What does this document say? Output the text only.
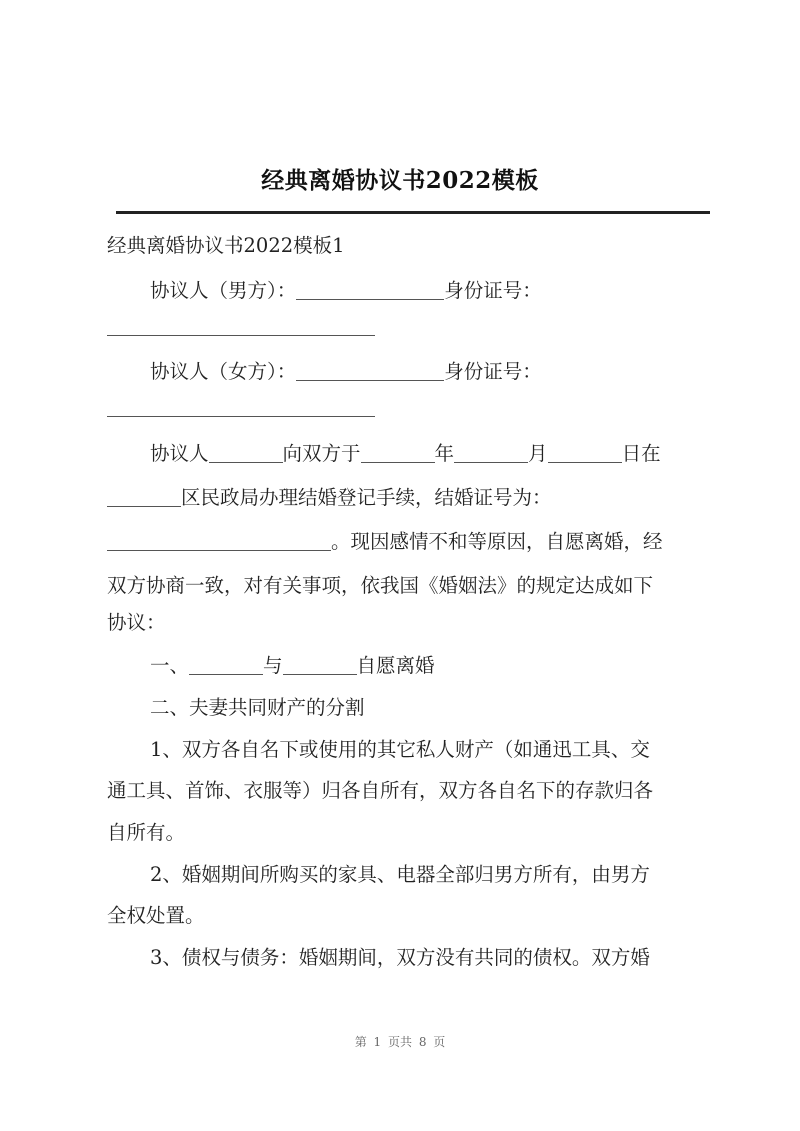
经典离婚协议书2022模板
经典离婚协议书2022模板1
协议人（男方）：	身份证号：
协议人（女方）：	身份证号：
协议人	向双方于	年	月	日在
区民政局办理结婚登记手续，结婚证号为：
。现因感情不和等原因，自愿离婚，经
双方协商一致，对有关事项，依我国《婚姻法》的规定达成如下
协议：
一、	与	自愿离婚
二、夫妻共同财产的分割
1、双方各自名下或使用的其它私人财产（如通迅工具、交
通工具、首饰、衣服等）归各自所有，双方各自名下的存款归各
自所有。
2、婚姻期间所购买的家具、电器全部归男方所有，由男方
全权处置。
3、债权与债务：婚姻期间，双方没有共同的债权。双方婚
第 1 页共 8 页
